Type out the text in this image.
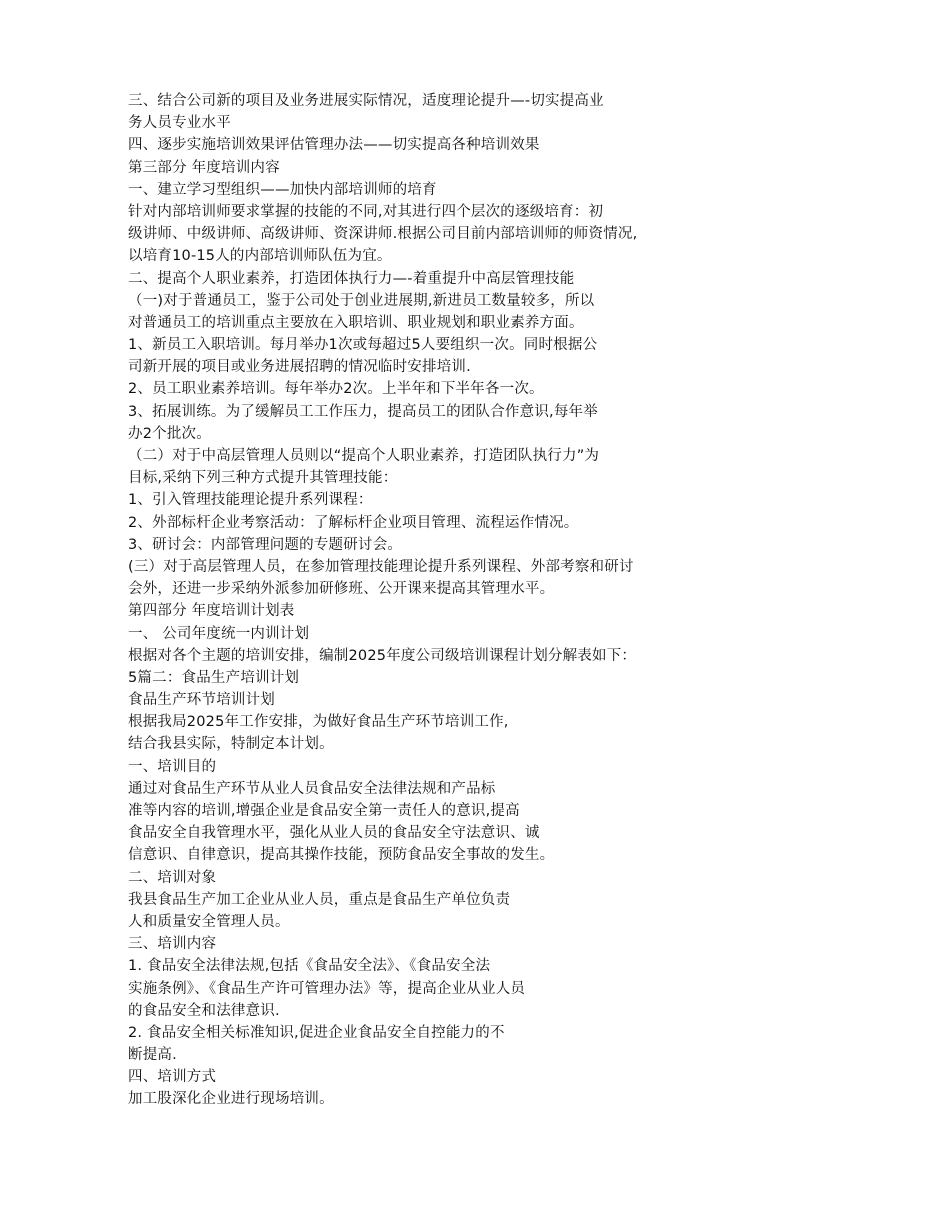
三、结合公司新的项目及业务进展实际情况，适度理论提升—-切实提高业
务人员专业水平
四、逐步实施培训效果评估管理办法——切实提高各种培训效果
第三部分 年度培训内容
一、建立学习型组织——加快内部培训师的培育
针对内部培训师要求掌握的技能的不同,对其进行四个层次的逐级培育：初
级讲师、中级讲师、高级讲师、资深讲师.根据公司目前内部培训师的师资情况,
以培育10-15人的内部培训师队伍为宜。
二、提高个人职业素养，打造团体执行力—-着重提升中高层管理技能
（一)对于普通员工，鉴于公司处于创业进展期,新进员工数量较多，所以
对普通员工的培训重点主要放在入职培训、职业规划和职业素养方面。
1、新员工入职培训。每月举办1次或每超过5人要组织一次。同时根据公
司新开展的项目或业务进展招聘的情况临时安排培训.
2、员工职业素养培训。每年举办2次。上半年和下半年各一次。
3、拓展训练。为了缓解员工工作压力，提高员工的团队合作意识,每年举
办2个批次。
（二）对于中高层管理人员则以“提高个人职业素养，打造团队执行力”为
目标,采纳下列三种方式提升其管理技能：
1、引入管理技能理论提升系列课程：
2、外部标杆企业考察活动：了解标杆企业项目管理、流程运作情况。
3、研讨会：内部管理问题的专题研讨会。
(三）对于高层管理人员，在参加管理技能理论提升系列课程、外部考察和研讨
会外，还进一步采纳外派参加研修班、公开课来提高其管理水平。
第四部分 年度培训计划表
一、 公司年度统一内训计划
根据对各个主题的培训安排，编制2025年度公司级培训课程计划分解表如下：
5篇二：食品生产培训计划
食品生产环节培训计划
根据我局2025年工作安排，为做好食品生产环节培训工作,
结合我县实际，特制定本计划。
一、培训目的
通过对食品生产环节从业人员食品安全法律法规和产品标
准等内容的培训,增强企业是食品安全第一责任人的意识,提高
食品安全自我管理水平，强化从业人员的食品安全守法意识、诚
信意识、自律意识，提高其操作技能，预防食品安全事故的发生。
二、培训对象
我县食品生产加工企业从业人员，重点是食品生产单位负责
人和质量安全管理人员。
三、培训内容
1. 食品安全法律法规,包括《食品安全法》、《食品安全法
实施条例》、《食品生产许可管理办法》等，提高企业从业人员
的食品安全和法律意识.
2. 食品安全相关标准知识,促进企业食品安全自控能力的不
断提高.
四、培训方式
加工股深化企业进行现场培训。
